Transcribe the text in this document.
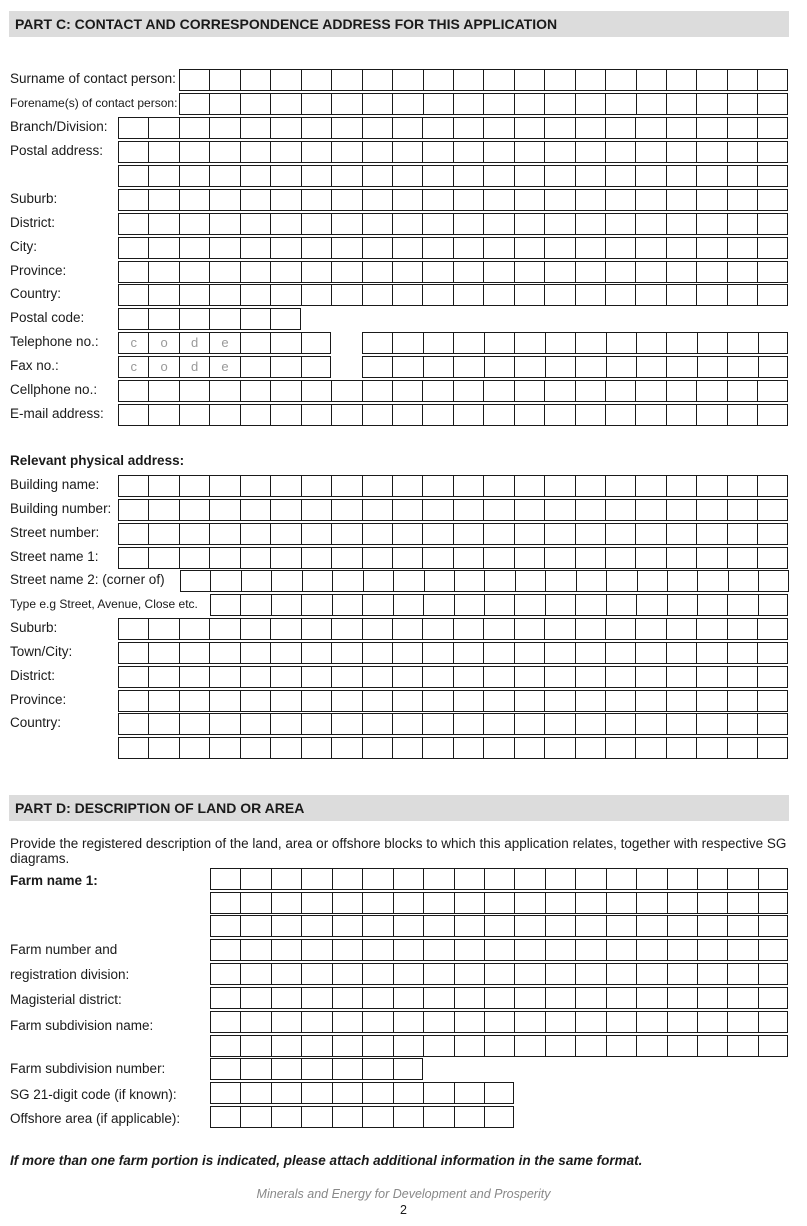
PART C: CONTACT AND CORRESPONDENCE ADDRESS FOR THIS APPLICATION
Surname of contact person:
Forename(s) of contact person:
Branch/Division:
Postal address:
Suburb:
District:
City:
Province:
Country:
Postal code:
Telephone no.:	c	o	d	e
Fax no.:	c	o	d	e
Cellphone no.:
E-mail address:
Relevant physical address:
Building name:
Building number:
Street number:
Street name 1:
Street name 2: (corner of)
Type e.g Street, Avenue, Close etc.
Suburb:
Town/City:
District:
Province:
Country:
PART D: DESCRIPTION OF LAND OR AREA
Provide the registered description of the land, area or offshore blocks to which this application relates, together with respective SG diagrams.
Farm name 1:
Farm number and
registration division:
Magisterial district:
Farm subdivision name:
Farm subdivision number:
SG 21-digit code (if known):
Offshore area (if applicable):
If more than one farm portion is indicated, please attach additional information in the same format.
Minerals and Energy for Development and Prosperity
2
